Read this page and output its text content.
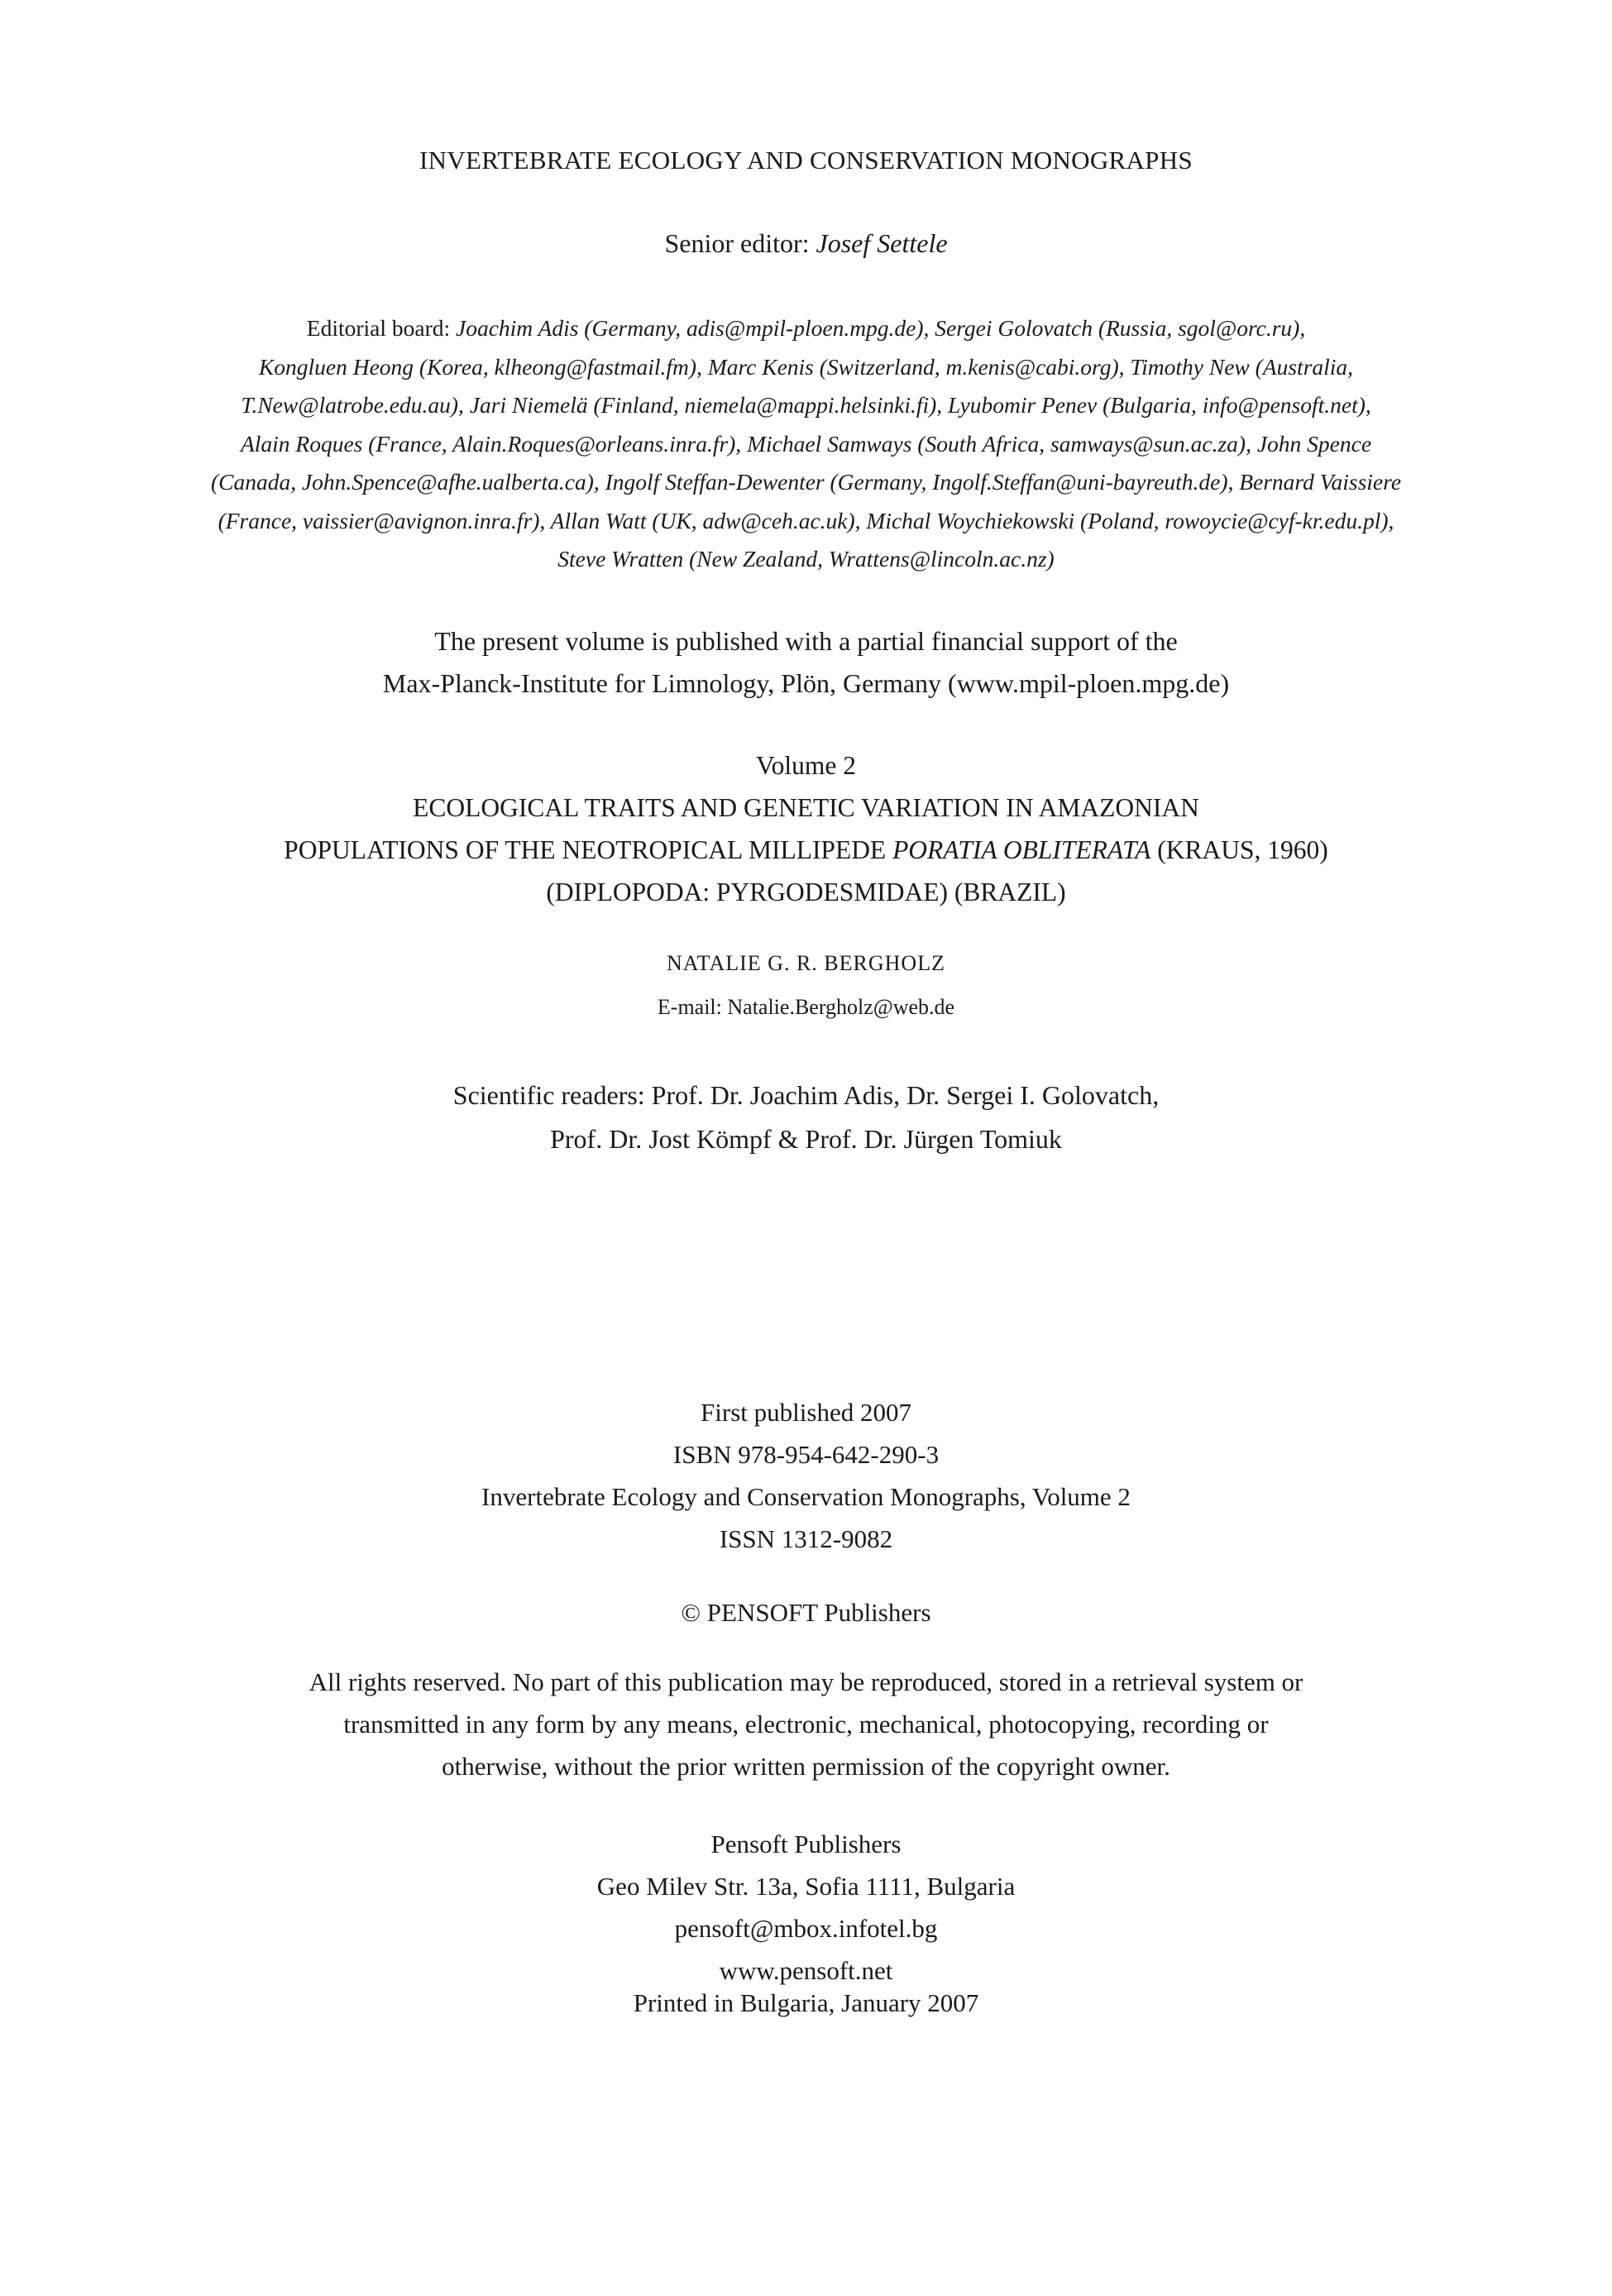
INVERTEBRATE ECOLOGY AND CONSERVATION MONOGRAPHS
Senior editor: Josef Settele
Editorial board: Joachim Adis (Germany, adis@mpil-ploen.mpg.de), Sergei Golovatch (Russia, sgol@orc.ru),
Kongluen Heong (Korea, klheong@fastmail.fm), Marc Kenis (Switzerland, m.kenis@cabi.org), Timothy New (Australia,
T.New@latrobe.edu.au), Jari Niemelä (Finland, niemela@mappi.helsinki.fi), Lyubomir Penev (Bulgaria, info@pensoft.net),
Alain Roques (France, Alain.Roques@orleans.inra.fr), Michael Samways (South Africa, samways@sun.ac.za), John Spence
(Canada, John.Spence@afhe.ualberta.ca), Ingolf Steffan-Dewenter (Germany, Ingolf.Steffan@uni-bayreuth.de), Bernard Vaissiere
(France, vaissier@avignon.inra.fr), Allan Watt (UK, adw@ceh.ac.uk), Michal Woychiekowski (Poland, rowoycie@cyf-kr.edu.pl),
Steve Wratten (New Zealand, Wrattens@lincoln.ac.nz)
The present volume is published with a partial financial support of the
Max-Planck-Institute for Limnology, Plön, Germany (www.mpil-ploen.mpg.de)
Volume 2
ECOLOGICAL TRAITS AND GENETIC VARIATION IN AMAZONIAN
POPULATIONS OF THE NEOTROPICAL MILLIPEDE PORATIA OBLITERATA (KRAUS, 1960)
(DIPLOPODA: PYRGODESMIDAE) (BRAZIL)
NATALIE G. R. BERGHOLZ
E-mail: Natalie.Bergholz@web.de
Scientific readers: Prof. Dr. Joachim Adis, Dr. Sergei I. Golovatch,
Prof. Dr. Jost Kömpf & Prof. Dr. Jürgen Tomiuk
First published 2007
ISBN 978-954-642-290-3
Invertebrate Ecology and Conservation Monographs, Volume 2
ISSN 1312-9082
© PENSOFT Publishers
All rights reserved. No part of this publication may be reproduced, stored in a retrieval system or
transmitted in any form by any means, electronic, mechanical, photocopying, recording or
otherwise, without the prior written permission of the copyright owner.
Pensoft Publishers
Geo Milev Str. 13a, Sofia 1111, Bulgaria
pensoft@mbox.infotel.bg
www.pensoft.net
Printed in Bulgaria, January 2007
